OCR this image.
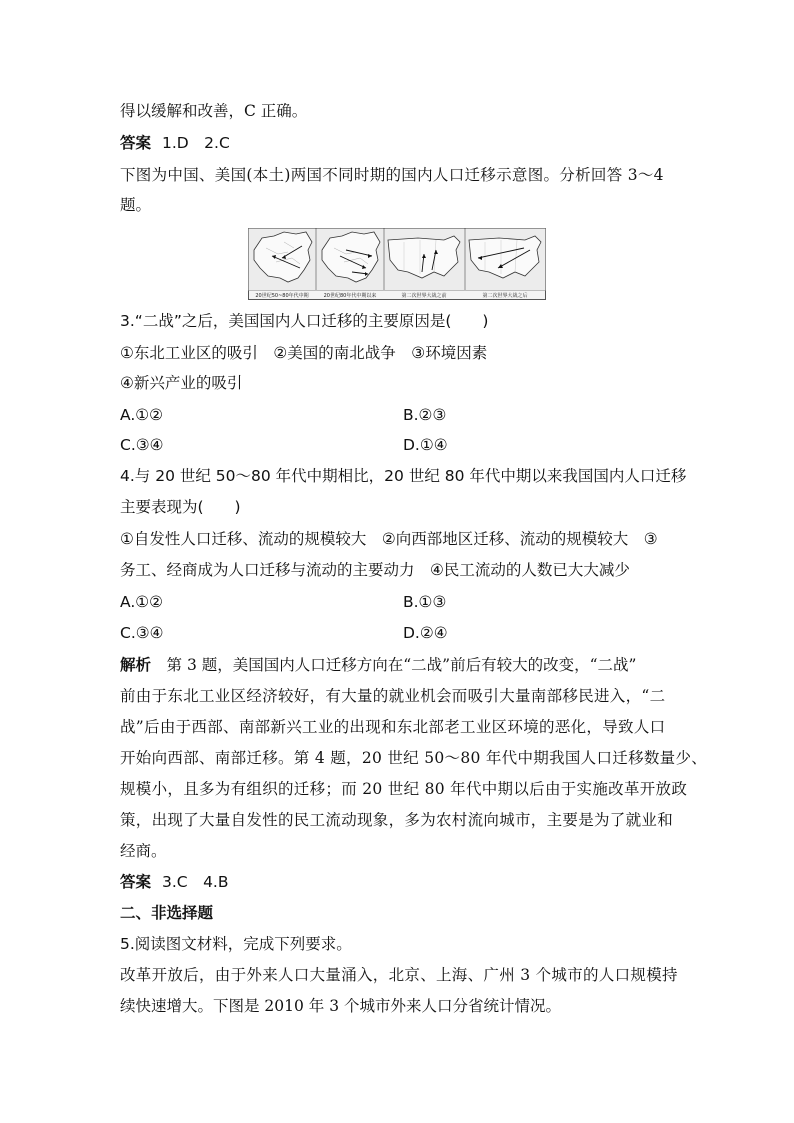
得以缓解和改善，C 正确。
答案 1.D　2.C
下图为中国、美国(本土)两国不同时期的国内人口迁移示意图。分析回答 3～4
题。
20世纪50~80年代中期	20世纪80年代中期以来	第二次世界大战之前	第二次世界大战之后
3.“二战”之后，美国国内人口迁移的主要原因是(　　)
①东北工业区的吸引　②美国的南北战争　③环境因素
④新兴产业的吸引
A.①②	B.②③
C.③④	D.①④
4.与 20 世纪 50～80 年代中期相比，20 世纪 80 年代中期以来我国国内人口迁移
主要表现为(　　)
①自发性人口迁移、流动的规模较大　②向西部地区迁移、流动的规模较大　③
务工、经商成为人口迁移与流动的主要动力　④民工流动的人数已大大减少
A.①②	B.①③
C.③④	D.②④
解析　第 3 题，美国国内人口迁移方向在“二战”前后有较大的改变，“二战”
前由于东北工业区经济较好，有大量的就业机会而吸引大量南部移民进入，“二
战”后由于西部、南部新兴工业的出现和东北部老工业区环境的恶化，导致人口
开始向西部、南部迁移。第 4 题，20 世纪 50～80 年代中期我国人口迁移数量少、
规模小，且多为有组织的迁移；而 20 世纪 80 年代中期以后由于实施改革开放政
策，出现了大量自发性的民工流动现象，多为农村流向城市，主要是为了就业和
经商。
答案 3.C　4.B
二、非选择题
5.阅读图文材料，完成下列要求。
改革开放后，由于外来人口大量涌入，北京、上海、广州 3 个城市的人口规模持
续快速增大。下图是 2010 年 3 个城市外来人口分省统计情况。
